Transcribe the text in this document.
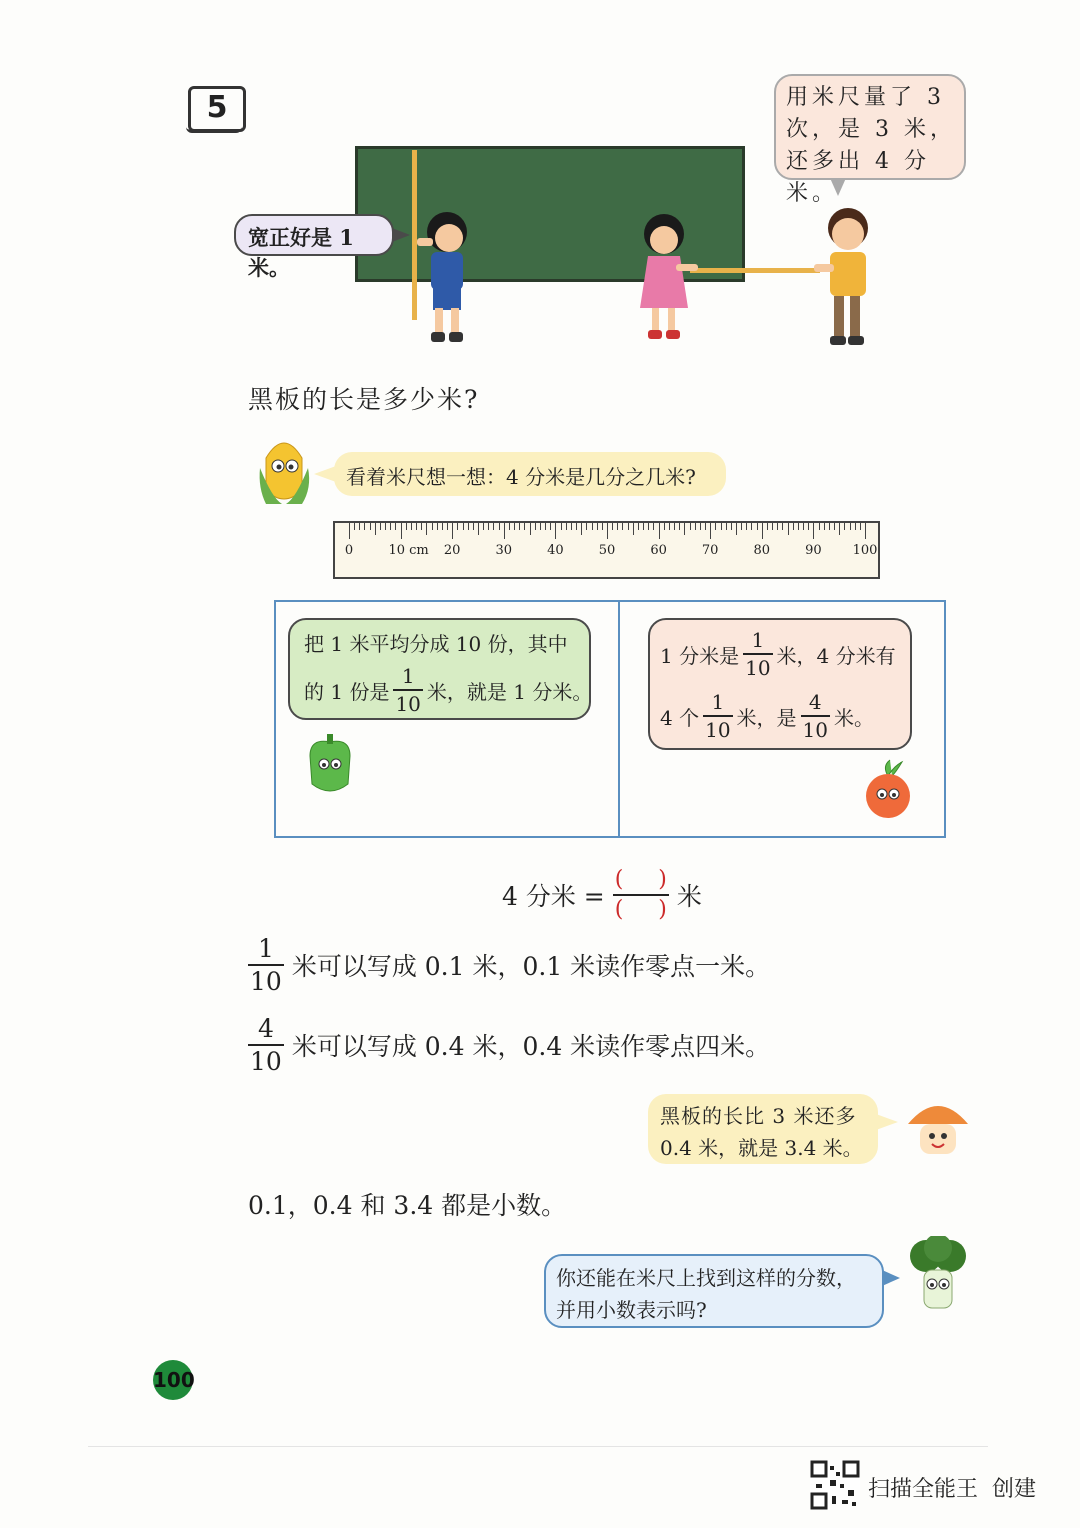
5	用米尺量了 3 次，是 3 米，还多出 4 分米。
宽正好是 1 米。
黑板的长是多少米?
看着米尺想一想：4 分米是几分之几米?
0	10 cm 20	30	40	50	60	70	80	90 100
把 1 米平均分成 10 份，其中
的 1 份是 $\frac{1}{10}$ 米，就是 1 分米。
1 分米是 $\frac{1}{10}$ 米，4 分米有
4 个 $\frac{1}{10}$ 米，是 $\frac{4}{10}$ 米。
4 分米 = $\frac{( )}{( )}$ 米
$\frac{1}{10}$ 米可以写成 0.1 米，0.1 米读作零点一米。
$\frac{4}{10}$ 米可以写成 0.4 米，0.4 米读作零点四米。
黑板的长比 3 米还多
0.4 米，就是 3.4 米。
0.1，0.4 和 3.4 都是小数。
你还能在米尺上找到这样的分数，
并用小数表示吗?
100
扫描全能王  创建
